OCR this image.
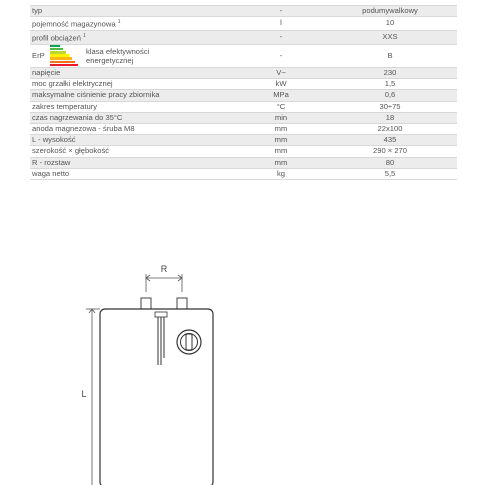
typ	-	podumywalkowy
pojemność magazynowa $^1$	l	10
profil obciążeń $^1$	-	XXS

ErP klasa efektywności
energetycznej	-	B
napięcie	V~	230
moc grzałki elektrycznej	kW	1,5
maksymalne ciśnienie pracy zbiornika	MPa	0,6
zakres temperatury	°C	30÷75
czas nagrzewania do 35°C	min	18
anoda magnezowa - śruba M8	mm	22x100
L - wysokość	mm	435
szerokość × głębokość	mm	290 × 270
R - rozstaw	mm	80
waga netto	kg	5,5
R
L
